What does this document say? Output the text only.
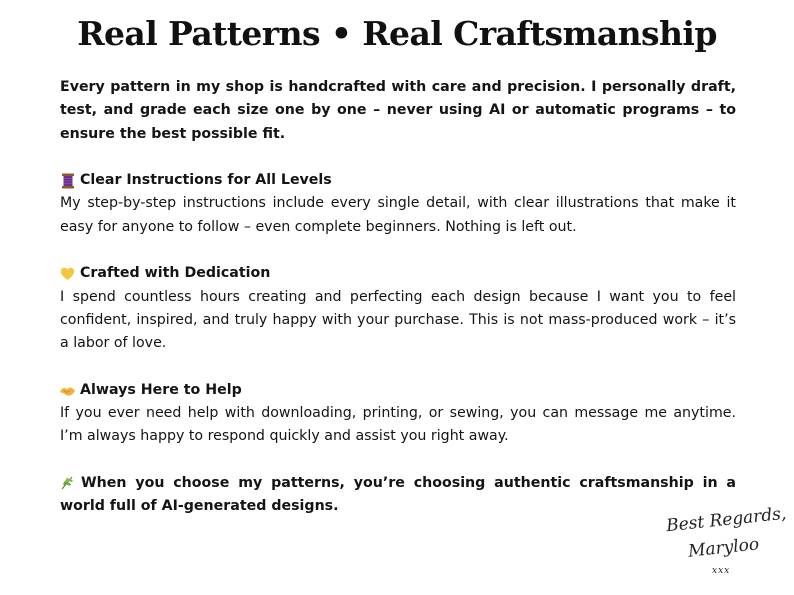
Real Patterns • Real Craftsmanship

Every pattern in my shop is handcrafted with care and precision. I personally draft, test, and grade each size one by one – never using AI or automatic programs – to ensure the best possible fit.

Clear Instructions for All Levels

My step-by-step instructions include every single detail, with clear illustrations that make it easy for anyone to follow – even complete beginners. Nothing is left out.

Crafted with Dedication

I spend countless hours creating and perfecting each design because I want you to feel confident, inspired, and truly happy with your purchase. This is not mass-produced work – it’s a labor of love.

Always Here to Help

If you ever need help with downloading, printing, or sewing, you can message me anytime. I’m always happy to respond quickly and assist you right away.

When you choose my patterns, you’re choosing authentic craftsmanship in a world full of AI-generated designs.	Best Regards,
Maryloo
xxx
